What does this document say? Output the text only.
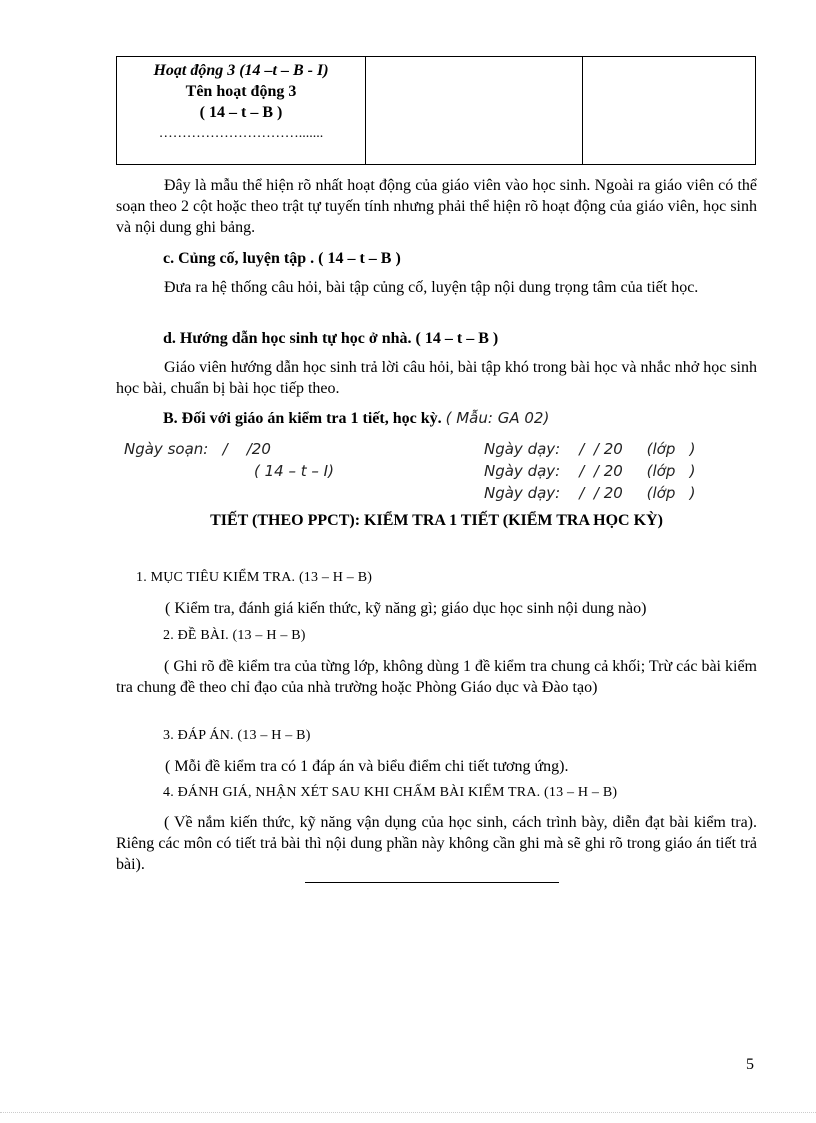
Hoạt động 3 (14 –t – B - I)
Tên hoạt động 3
( 14 – t – B )
………………………….......

Đây là mẫu thể hiện rõ nhất hoạt động của giáo viên vào học sinh. Ngoài ra giáo viên có thể soạn theo 2 cột hoặc theo trật tự tuyến tính nhưng phải thể hiện rõ hoạt động của giáo viên, học sinh và nội dung ghi bảng.
c. Củng cố, luyện tập . ( 14 – t – B )
Đưa ra hệ thống câu hỏi, bài tập củng cố, luyện tập nội dung trọng tâm của tiết học.
d. Hướng dẫn học sinh tự học ở nhà. ( 14 – t – B )
Giáo viên hướng dẫn học sinh trả lời câu hỏi, bài tập khó trong bài học và nhắc nhở học sinh học bài, chuẩn bị bài học tiếp theo.
B. Đối với giáo án kiểm tra 1 tiết, học kỳ. ( Mẫu: GA 02)
Ngày soạn:   /    /20
( 14 – t – I)
Ngày dạy:    /  / 20     (lớp   )
Ngày dạy:    /  / 20     (lớp   )
Ngày dạy:    /  / 20     (lớp   )
TIẾT (THEO PPCT): KIỂM TRA 1 TIẾT (KIỂM TRA HỌC KỲ)
1. MỤC TIÊU KIỂM TRA. (13 – H – B)
( Kiểm tra, đánh giá kiến thức, kỹ năng gì; giáo dục học sinh nội dung nào)
2. ĐỀ BÀI. (13 – H – B)
( Ghi rõ đề kiểm tra của từng lớp, không dùng 1 đề kiểm tra chung cả khối; Trừ các bài kiểm tra chung đề theo chỉ đạo của nhà trường hoặc Phòng Giáo dục và Đào tạo)
3. ĐÁP ÁN. (13 – H – B)
( Mỗi đề kiểm tra có 1 đáp án và biểu điểm chi tiết tương ứng).
4. ĐÁNH GIÁ, NHẬN XÉT SAU KHI CHẤM BÀI KIỂM TRA. (13 – H – B)
( Về nắm kiến thức, kỹ năng vận dụng của học sinh, cách trình bày, diễn đạt bài kiểm tra). Riêng các môn có tiết trả bài thì nội dung phần này không cần ghi mà sẽ ghi rõ trong giáo án tiết trả bài).
5
